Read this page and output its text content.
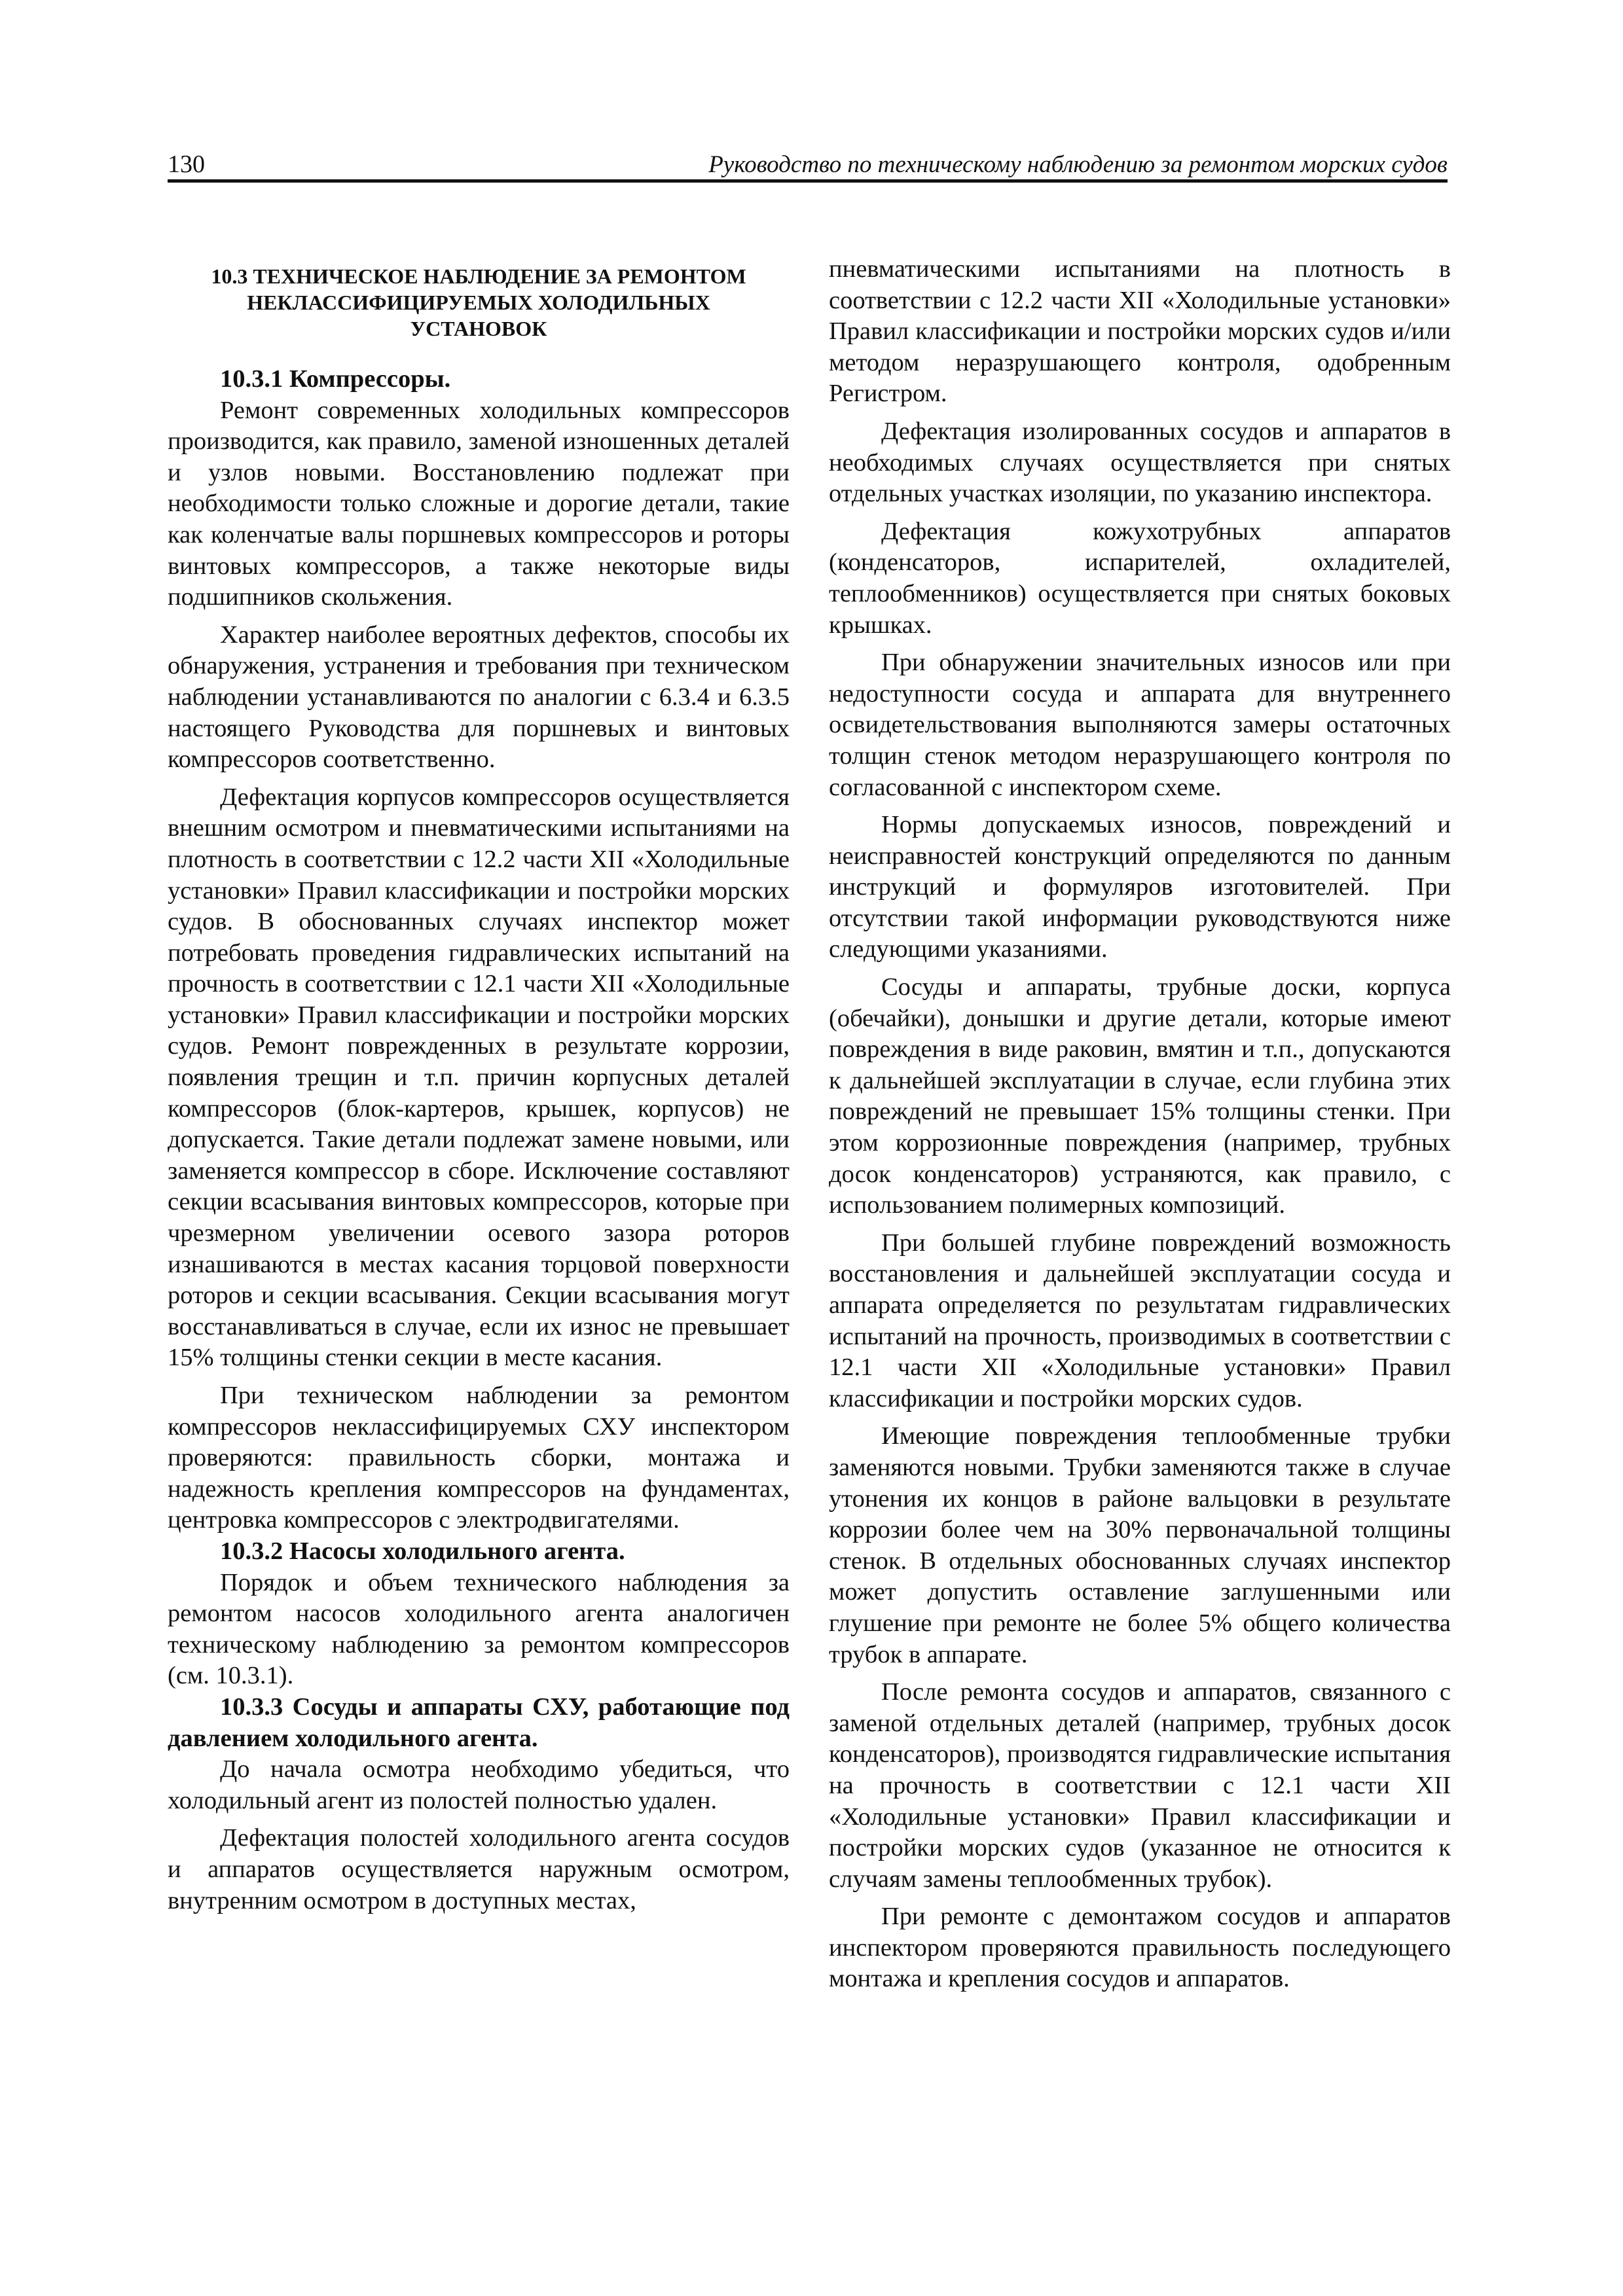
130	Руководство по техническому наблюдению за ремонтом морских судов
10.3 ТЕХНИЧЕСКОЕ НАБЛЮДЕНИЕ ЗА РЕМОНТОМ
НЕКЛАССИФИЦИРУЕМЫХ ХОЛОДИЛЬНЫХ
УСТАНОВОК

10.3.1 Компрессоры.

Ремонт современных холодильных компрессоров производится, как правило, заменой изношенных деталей и узлов новыми. Восстановлению подлежат при необходимости только сложные и дорогие детали, такие как коленчатые валы поршневых компрессоров и роторы винтовых компрессоров, а также некоторые виды подшипников скольжения.

Характер наиболее вероятных дефектов, способы их обнаружения, устранения и требования при техническом наблюдении устанавливаются по аналогии с 6.3.4 и 6.3.5 настоящего Руководства для поршневых и винтовых компрессоров соответственно.

Дефектация корпусов компрессоров осуществляется внешним осмотром и пневматическими испытаниями на плотность в соответствии с 12.2 части XII «Холодильные установки» Правил классификации и постройки морских судов. В обоснованных случаях инспектор может потребовать проведения гидравлических испытаний на прочность в соответствии с 12.1 части XII «Холодильные установки» Правил классификации и постройки морских судов. Ремонт поврежденных в результате коррозии, появления трещин и т.п. причин корпусных деталей компрессоров (блок-картеров, крышек, корпусов) не допускается. Такие детали подлежат замене новыми, или заменяется компрессор в сборе. Исключение составляют секции всасывания винтовых компрессоров, которые при чрезмерном увеличении осевого зазора роторов изнашиваются в местах касания торцовой поверхности роторов и секции всасывания. Секции всасывания могут восстанавливаться в случае, если их износ не превышает 15% толщины стенки секции в месте касания.

При техническом наблюдении за ремонтом компрессоров неклассифицируемых СХУ инспектором проверяются: правильность сборки, монтажа и надежность крепления компрессоров на фундаментах, центровка компрессоров с электродвигателями.

10.3.2 Насосы холодильного агента.

Порядок и объем технического наблюдения за ремонтом насосов холодильного агента аналогичен техническому наблюдению за ремонтом компрессоров (см. 10.3.1).

10.3.3 Сосуды и аппараты СХУ, работающие под давлением холодильного агента.

До начала осмотра необходимо убедиться, что холодильный агент из полостей полностью удален.

Дефектация полостей холодильного агента сосудов и аппаратов осуществляется наружным осмотром, внутренним осмотром в доступных местах,

пневматическими испытаниями на плотность в соответствии с 12.2 части XII «Холодильные установки» Правил классификации и постройки морских судов и/или методом неразрушающего контроля, одобренным Регистром.

Дефектация изолированных сосудов и аппаратов в необходимых случаях осуществляется при снятых отдельных участках изоляции, по указанию инспектора.

Дефектация кожухотрубных аппаратов (конденсаторов, испарителей, охладителей, теплообменников) осуществляется при снятых боковых крышках.

При обнаружении значительных износов или при недоступности сосуда и аппарата для внутреннего освидетельствования выполняются замеры остаточных толщин стенок методом неразрушающего контроля по согласованной с инспектором схеме.

Нормы допускаемых износов, повреждений и неисправностей конструкций определяются по данным инструкций и формуляров изготовителей. При отсутствии такой информации руководствуются ниже следующими указаниями.

Сосуды и аппараты, трубные доски, корпуса (обечайки), донышки и другие детали, которые имеют повреждения в виде раковин, вмятин и т.п., допускаются к дальнейшей эксплуатации в случае, если глубина этих повреждений не превышает 15% толщины стенки. При этом коррозионные повреждения (например, трубных досок конденсаторов) устраняются, как правило, с использованием полимерных композиций.

При большей глубине повреждений возможность восстановления и дальнейшей эксплуатации сосуда и аппарата определяется по результатам гидравлических испытаний на прочность, производимых в соответствии с 12.1 части XII «Холодильные установки» Правил классификации и постройки морских судов.

Имеющие повреждения теплообменные трубки заменяются новыми. Трубки заменяются также в случае утонения их концов в районе вальцовки в результате коррозии более чем на 30% первоначальной толщины стенок. В отдельных обоснованных случаях инспектор может допустить оставление заглушенными или глушение при ремонте не более 5% общего количества трубок в аппарате.

После ремонта сосудов и аппаратов, связанного с заменой отдельных деталей (например, трубных досок конденсаторов), производятся гидравлические испытания на прочность в соответствии с 12.1 части XII «Холодильные установки» Правил классификации и постройки морских судов (указанное не относится к случаям замены теплообменных трубок).

При ремонте с демонтажом сосудов и аппаратов инспектором проверяются правильность последующего монтажа и крепления сосудов и аппаратов.
